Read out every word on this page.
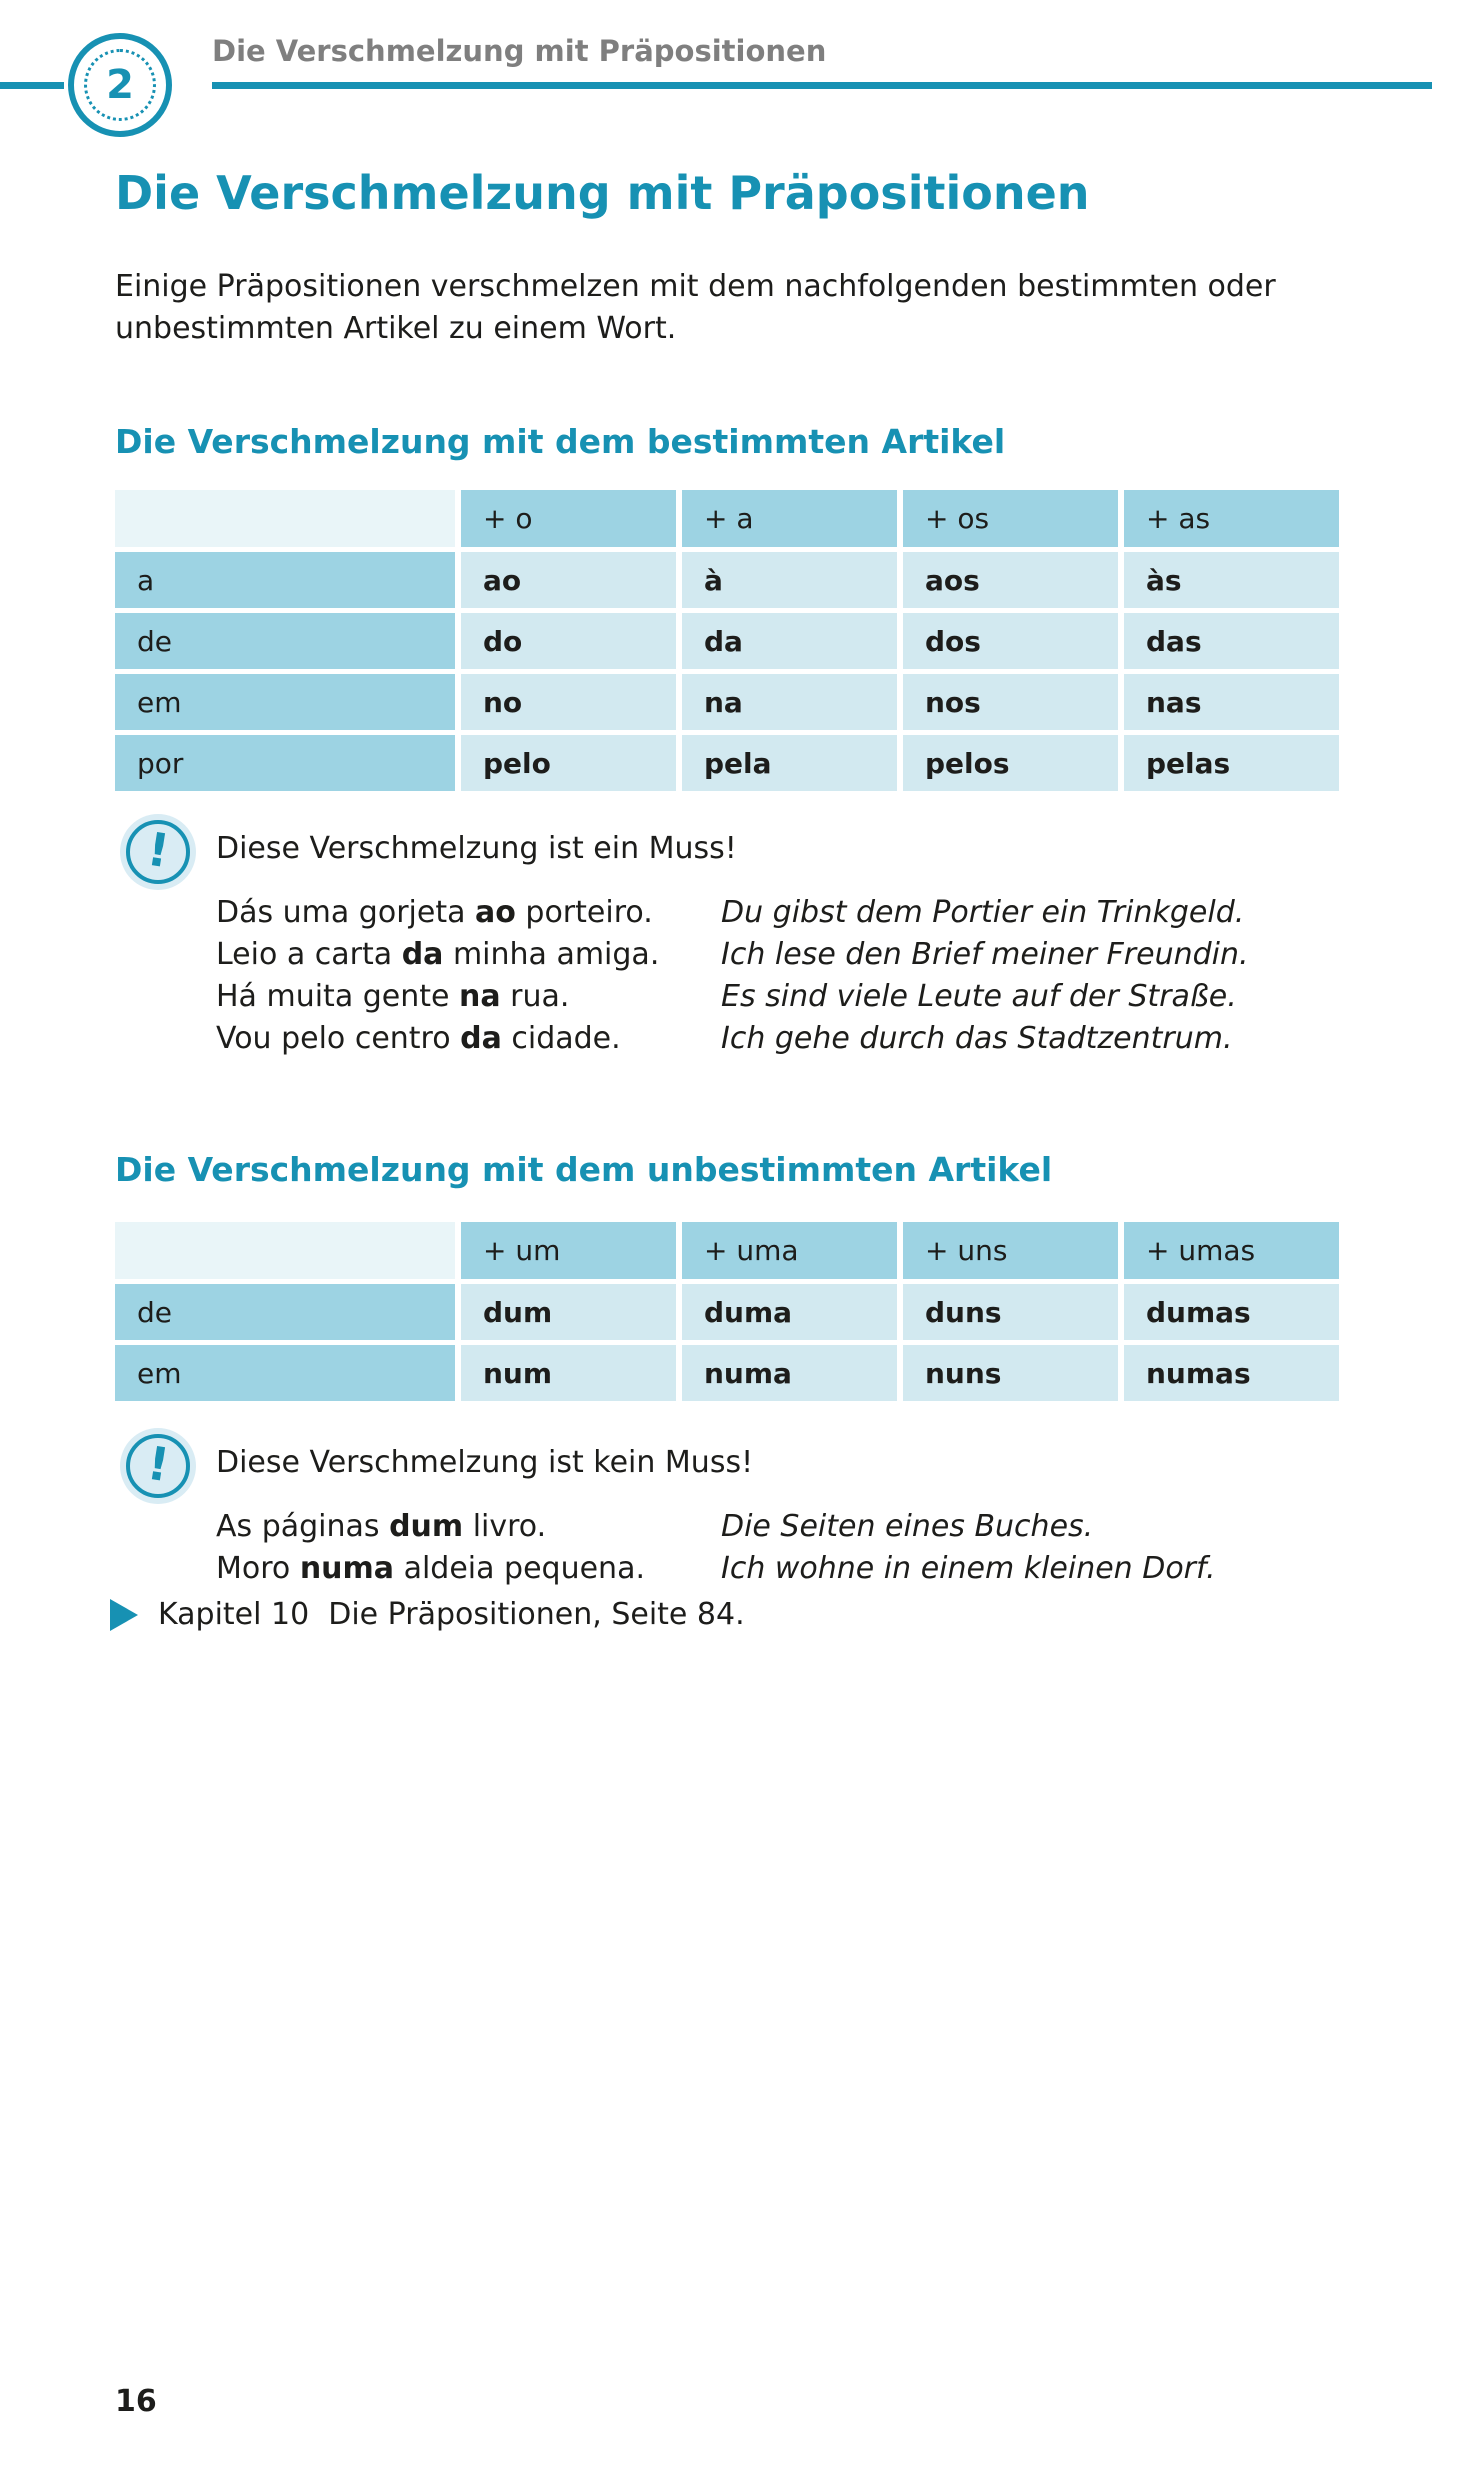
2
Die Verschmelzung mit Präpositionen
Die Verschmelzung mit Präpositionen

Einige Präpositionen verschmelzen mit dem nachfolgenden bestimmten oder unbestimmten Artikel zu einem Wort.

Die Verschmelzung mit dem bestimmten Artikel
+ o	+ a	+ os	+ as
a	ao	à	aos	às
de	do	da	dos	das
em	no	na	nos	nas
por	pelo	pela	pelos	pelas
!	Diese Verschmelzung ist ein Muss!
Dás uma gorjeta ao porteiro.	Du gibst dem Portier ein Trinkgeld.
Leio a carta da minha amiga.	Ich lese den Brief meiner Freundin.
Há muita gente na rua.	Es sind viele Leute auf der Straße.
Vou pelo centro da cidade.	Ich gehe durch das Stadtzentrum.
Die Verschmelzung mit dem unbestimmten Artikel
+ um	+ uma	+ uns	+ umas
de	dum	duma	duns	dumas
em	num	numa	nuns	numas
!	Diese Verschmelzung ist kein Muss!
As páginas dum livro.	Die Seiten eines Buches.
Moro numa aldeia pequena.	Ich wohne in einem kleinen Dorf.
Kapitel 10  Die Präpositionen, Seite 84.
16
